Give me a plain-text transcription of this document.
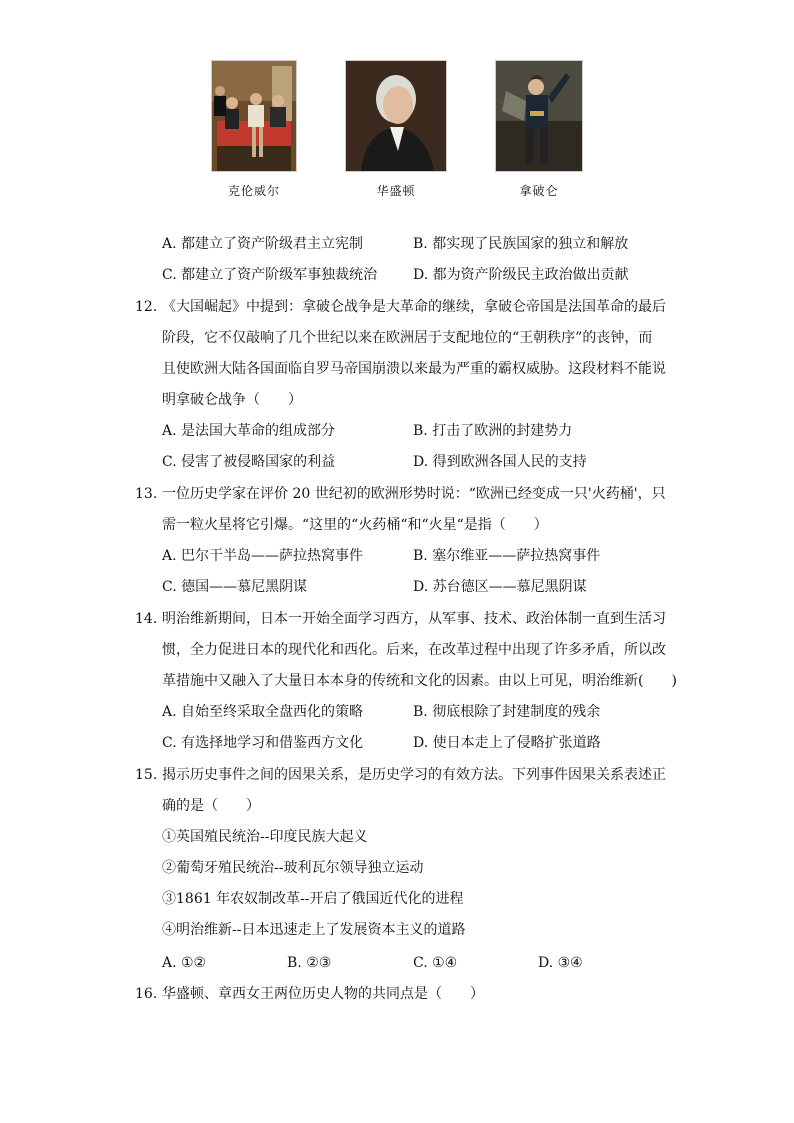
克伦威尔	华盛顿	拿破仑
A. 都建立了资产阶级君主立宪制	B. 都实现了民族国家的独立和解放
C. 都建立了资产阶级军事独裁统治	D. 都为资产阶级民主政治做出贡献
12. 《大国崛起》中提到：拿破仑战争是大革命的继续，拿破仑帝国是法国革命的最后
阶段，它不仅敲响了几个世纪以来在欧洲居于支配地位的“王朝秩序”的丧钟，而
且使欧洲大陆各国面临自罗马帝国崩溃以来最为严重的霸权威胁。这段材料不能说
明拿破仑战争（　　）
A. 是法国大革命的组成部分	B. 打击了欧洲的封建势力
C. 侵害了被侵略国家的利益	D. 得到欧洲各国人民的支持
13. 一位历史学家在评价 20 世纪初的欧洲形势时说：“欧洲已经变成一只'火药桶'，只
需一粒火星将它引爆。“这里的“火药桶“和“火星“是指（　　）
A. 巴尔干半岛——萨拉热窝事件	B. 塞尔维亚——萨拉热窝事件
C. 德国——慕尼黑阴谋	D. 苏台德区——慕尼黑阴谋
14. 明治维新期间，日本一开始全面学习西方，从军事、技术、政治体制一直到生活习
惯，全力促进日本的现代化和西化。后来，在改革过程中出现了许多矛盾，所以改
革措施中又融入了大量日本本身的传统和文化的因素。由以上可见，明治维新(　　)
A. 自始至终采取全盘西化的策略	B. 彻底根除了封建制度的残余
C. 有选择地学习和借鉴西方文化	D. 使日本走上了侵略扩张道路
15. 揭示历史事件之间的因果关系，是历史学习的有效方法。下列事件因果关系表述正
确的是（　　）
①英国殖民统治--印度民族大起义
②葡萄牙殖民统治--玻利瓦尔领导独立运动
③1861 年农奴制改革--开启了俄国近代化的进程
④明治维新--日本迅速走上了发展资本主义的道路
A. ①②	B. ②③	C. ①④	D. ③④
16. 华盛顿、章西女王两位历史人物的共同点是（　　）
